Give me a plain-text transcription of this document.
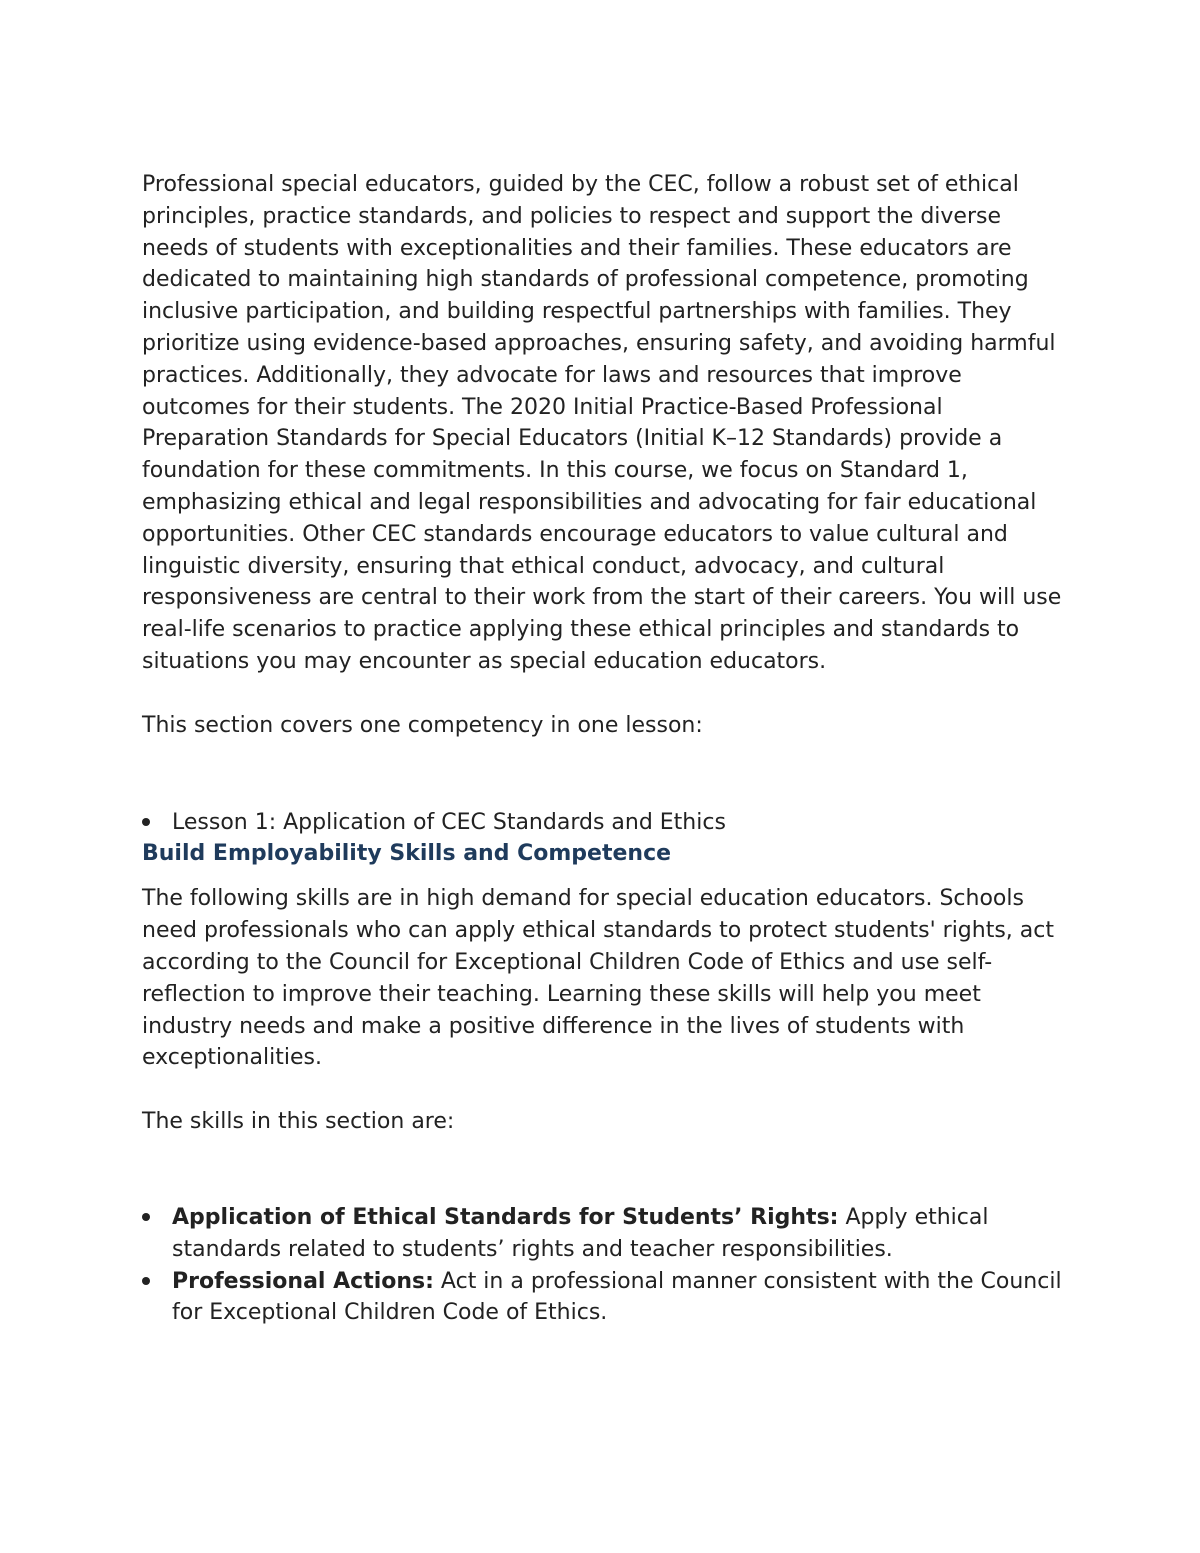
Professional special educators, guided by the CEC, follow a robust set of ethical principles, practice standards, and policies to respect and support the diverse needs of students with exceptionalities and their families. These educators are dedicated to maintaining high standards of professional competence, promoting inclusive participation, and building respectful partnerships with families. They prioritize using evidence-based approaches, ensuring safety, and avoiding harmful practices. Additionally, they advocate for laws and resources that improve outcomes for their students. The 2020 Initial Practice-Based Professional Preparation Standards for Special Educators (Initial K–12 Standards) provide a foundation for these commitments. In this course, we focus on Standard 1, emphasizing ethical and legal responsibilities and advocating for fair educational opportunities. Other CEC standards encourage educators to value cultural and linguistic diversity, ensuring that ethical conduct, advocacy, and cultural responsiveness are central to their work from the start of their careers. You will use real-life scenarios to practice applying these ethical principles and standards to situations you may encounter as special education educators.

This section covers one competency in one lesson:

Lesson 1: Application of CEC Standards and Ethics
Build Employability Skills and Competence

The following skills are in high demand for special education educators. Schools need professionals who can apply ethical standards to protect students' rights, act according to the Council for Exceptional Children Code of Ethics and use self-reflection to improve their teaching. Learning these skills will help you meet industry needs and make a positive difference in the lives of students with exceptionalities.

The skills in this section are:

Application of Ethical Standards for Students’ Rights: Apply ethical standards related to students’ rights and teacher responsibilities.
Professional Actions: Act in a professional manner consistent with the Council for Exceptional Children Code of Ethics.
